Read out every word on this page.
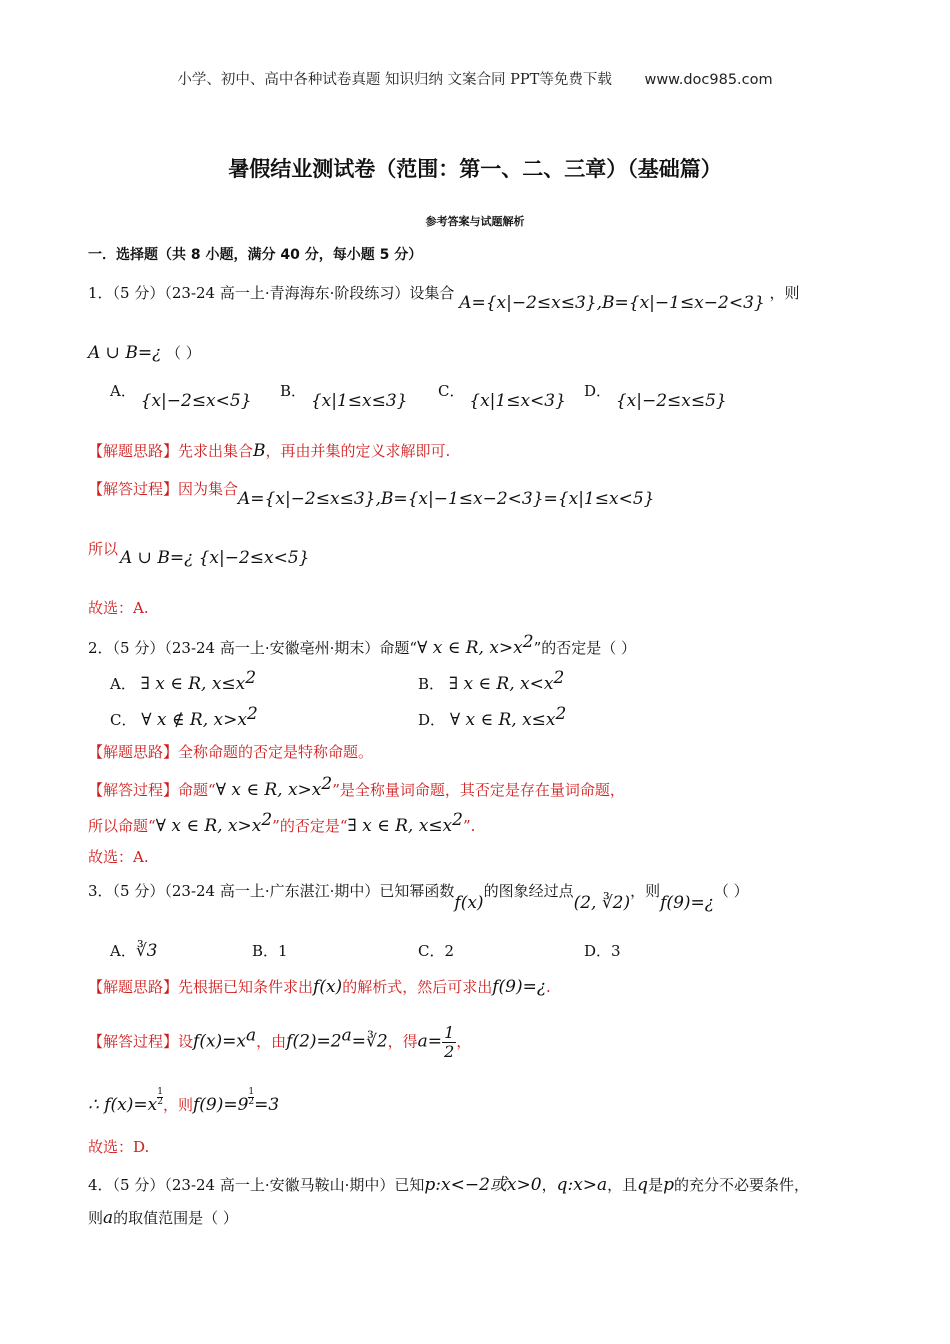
小学、初中、高中各种试卷真题 知识归纳 文案合同 PPT等免费下载 www.doc985.com
暑假结业测试卷（范围：第一、二、三章）（基础篇）
参考答案与试题解析
一．选择题（共 8 小题，满分 40 分，每小题 5 分）
1．（5 分）（23-24 高一上·青海海东·阶段练习）设集合 A={x|−2≤x≤3},B={x|−1≤x−2<3} ，则
A ∪ B=¿ （ ）
A． {x|−2≤x<5} B． {x|1≤x≤3} C． {x|1≤x<3} D． {x|−2≤x≤5}
【解题思路】先求出集合B，再由并集的定义求解即可.
【解答过程】因为集合A={x|−2≤x≤3},B={x|−1≤x−2<3}={x|1≤x<5}
所以 A ∪ B=¿ {x|−2≤x<5}
故选：A.
2．（5 分）（23-24 高一上·安徽亳州·期末）命题“∀ x ∈ R, $x>x^2$”的否定是（ ）
A． ∃ x ∈ R, $x\le x^2$	B． ∃ x ∈ R, $x<x^2$
C． ∀ x ∉ R, $x>x^2$	D． ∀ x ∈ R, $x\le x^2$
【解题思路】全称命题的否定是特称命题。
【解答过程】命题“∀ x ∈ R, $x>x^2$”是全称量词命题，其否定是存在量词命题，
所以命题“∀ x ∈ R, $x>x^2$”的否定是“∃ x ∈ R, $x\le x^2$”.
故选：A.
3．（5 分）（23-24 高一上·广东湛江·期中）已知幂函数f(x)的图象经过点(2, ∛2)，则f(9)=¿（ ）
A．∛3	B．1	C．2	D．3
【解题思路】先根据已知条件求出f(x)的解析式，然后可求出f(9)=¿.
【解答过程】设$f(x)=x^a$，由$f(2)=2^a=∛2$，得$a= \frac{1}{2}$ ，
∴ $f(x)=x \frac{1}{2}$，则$f(9)=9 \frac{1}{2}=3$
故选：D.
4．（5 分）（23-24 高一上·安徽马鞍山·期中）已知p:x<−2或x>0，q:x>a，且q是p的充分不必要条件，
则a的取值范围是（ ）
